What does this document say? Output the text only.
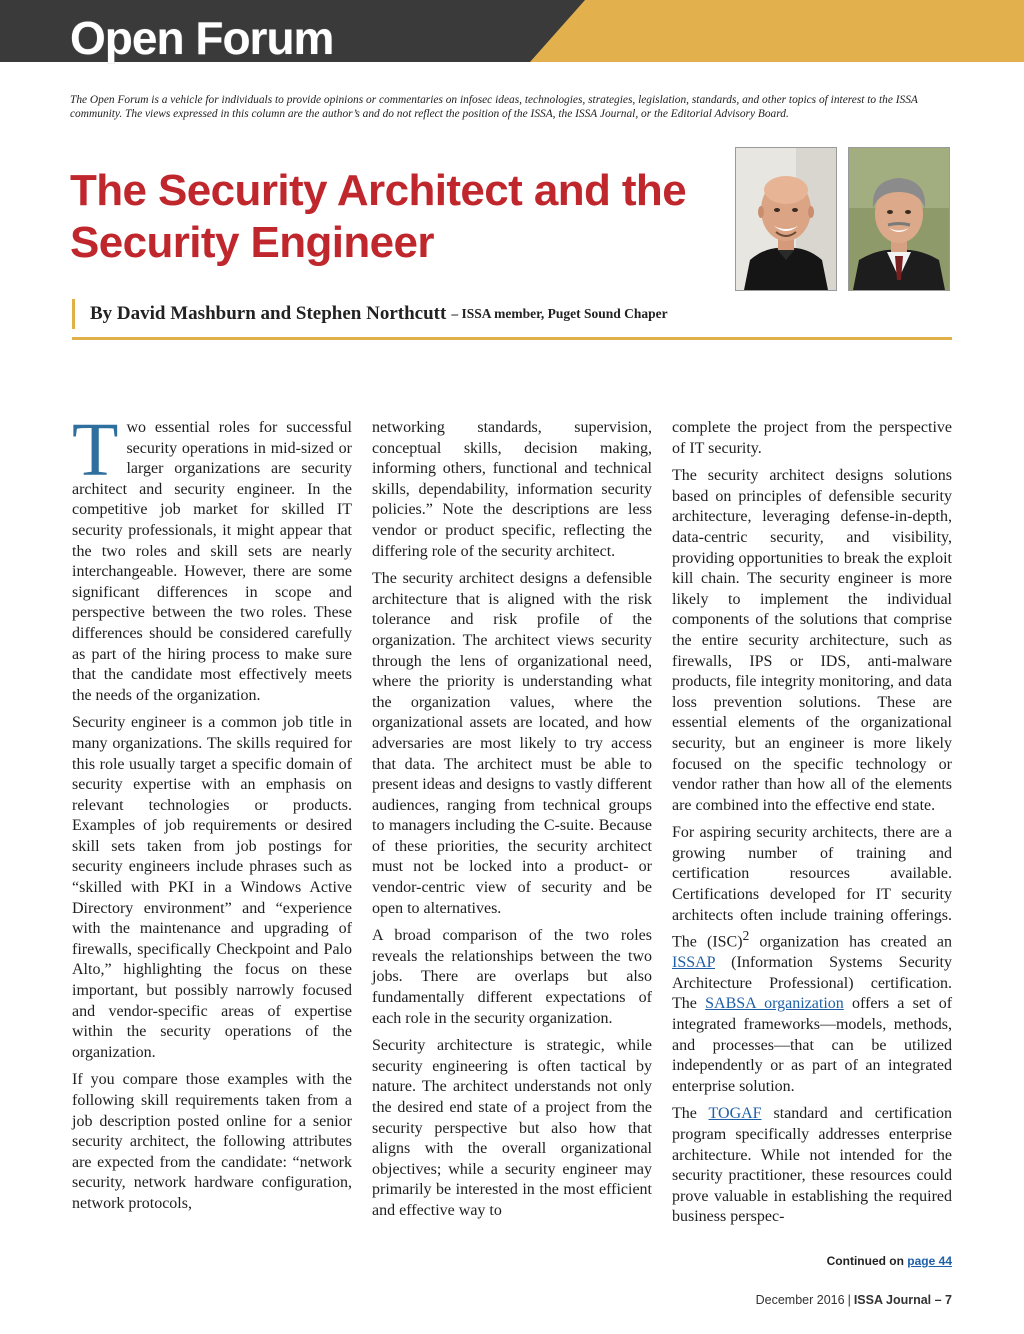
Open Forum

The Open Forum is a vehicle for individuals to provide opinions or commentaries on infosec ideas, technologies, strategies, legislation, standards, and other topics of interest to the ISSA community. The views expressed in this column are the author’s and do not reflect the position of the ISSA, the ISSA Journal, or the Editorial Advisory Board.

The Security Architect and the
Security Engineer
By David Mashburn and Stephen Northcutt – ISSA member, Puget Sound Chaper

Two essential roles for successful security operations in mid-sized or larger organizations are security architect and security engineer. In the competitive job market for skilled IT security professionals, it might appear that the two roles and skill sets are nearly interchangeable. However, there are some significant differences in scope and perspective between the two roles. These differences should be considered carefully as part of the hiring process to make sure that the candidate most effectively meets the needs of the organization.

Security engineer is a common job title in many organizations. The skills required for this role usually target a specific domain of security expertise with an emphasis on relevant technologies or products. Examples of job requirements or desired skill sets taken from job postings for security engineers include phrases such as “skilled with PKI in a Windows Active Directory environment” and “experience with the maintenance and upgrading of firewalls, specifically Checkpoint and Palo Alto,” highlighting the focus on these important, but possibly narrowly focused and vendor-specific areas of expertise within the security operations of the organization.

If you compare those examples with the following skill requirements taken from a job description posted online for a senior security architect, the following attributes are expected from the candidate: “network security, network hardware configuration, network protocols,

networking standards, supervision, conceptual skills, decision making, informing others, functional and technical skills, dependability, information security policies.” Note the descriptions are less vendor or product specific, reflecting the differing role of the security architect.

The security architect designs a defensible architecture that is aligned with the risk tolerance and risk profile of the organization. The architect views security through the lens of organizational need, where the priority is understanding what the organization values, where the organizational assets are located, and how adversaries are most likely to try access that data. The architect must be able to present ideas and designs to vastly different audiences, ranging from technical groups to managers including the C-suite. Because of these priorities, the security architect must not be locked into a product- or vendor-centric view of security and be open to alternatives.

A broad comparison of the two roles reveals the relationships between the two jobs. There are overlaps but also fundamentally different expectations of each role in the security organization.

Security architecture is strategic, while security engineering is often tactical by nature. The architect understands not only the desired end state of a project from the security perspective but also how that aligns with the overall organizational objectives; while a security engineer may primarily be interested in the most efficient and effective way to

complete the project from the perspective of IT security.

The security architect designs solutions based on principles of defensible security architecture, leveraging defense-in-depth, data-centric security, and visibility, providing opportunities to break the exploit kill chain. The security engineer is more likely to implement the individual components of the solutions that comprise the entire security architecture, such as firewalls, IPS or IDS, anti-malware products, file integrity monitoring, and data loss prevention solutions. These are essential elements of the organizational security, but an engineer is more likely focused on the specific technology or vendor rather than how all of the elements are combined into the effective end state.

For aspiring security architects, there are a growing number of training and certification resources available. Certifications developed for IT security architects often include training offerings. The (ISC)$^2$ organization has created an ISSAP (Information Systems Security Architecture Professional) certification. The SABSA organization offers a set of integrated frameworks—models, methods, and processes—that can be utilized independently or as part of an integrated enterprise solution.

The TOGAF standard and certification program specifically addresses enterprise architecture. While not intended for the security practitioner, these resources could prove valuable in establishing the required business perspec-

Continued on page 44
December 2016 | ISSA Journal – 7
